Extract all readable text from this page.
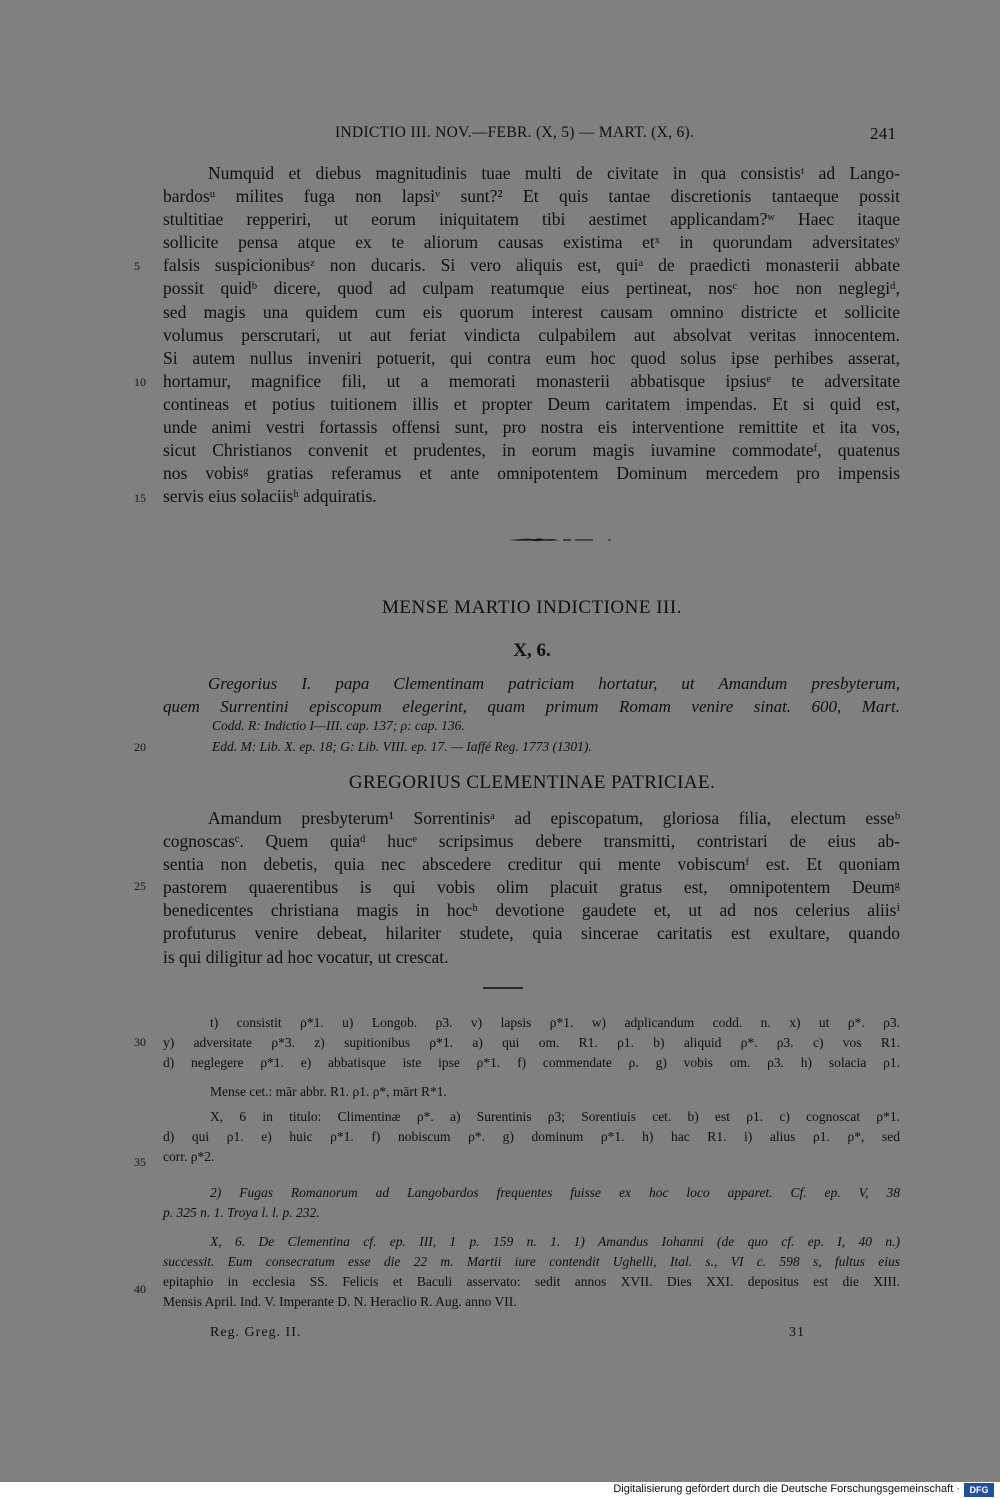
INDICTIO III. NOV.—FEBR. (X, 5) — MART. (X, 6).	241
Numquid et diebus magnitudinis tuae multi de civitate in qua consistisᵗ ad Lango-
bardosᵘ milites fuga non lapsiᵛ sunt?² Et quis tantae discretionis tantaeque possit
stultitiae repperiri, ut eorum iniquitatem tibi aestimet applicandam?ʷ Haec itaque
sollicite pensa atque ex te aliorum causas existima etˣ in quorundam adversitatesʸ
falsis suspicionibusᶻ non ducaris. Si vero aliquis est, quiᵃ de praedicti monasterii abbate
possit quidᵇ dicere, quod ad culpam reatumque eius pertineat, nosᶜ hoc non neglegiᵈ,
sed magis una quidem cum eis quorum interest causam omnino districte et sollicite
volumus perscrutari, ut aut feriat vindicta culpabilem aut absolvat veritas innocentem.
Si autem nullus inveniri potuerit, qui contra eum hoc quod solus ipse perhibes asserat,
hortamur, magnifice fili, ut a memorati monasterii abbatisque ipsiusᵉ te adversitate
contineas et potius tuitionem illis et propter Deum caritatem impendas. Et si quid est,
unde animi vestri fortassis offensi sunt, pro nostra eis interventione remittite et ita vos,
sicut Christianos convenit et prudentes, in eorum magis iuvamine commodateᶠ, quatenus
nos vobisᵍ gratias referamus et ante omnipotentem Dominum mercedem pro impensis
servis eius solaciisʰ adquiratis.
5
10
15
20
25
30
35
40
MENSE MARTIO INDICTIONE III.
X, 6.
Gregorius I. papa Clementinam patriciam hortatur, ut Amandum presbyterum,
quem Surrentini episcopum elegerint, quam primum Romam venire sinat. 600, Mart.
Codd. R: Indictio I—III. cap. 137; ρ: cap. 136.
Edd. M: Lib. X. ep. 18; G: Lib. VIII. ep. 17. — Iaffé Reg. 1773 (1301).
GREGORIUS CLEMENTINAE PATRICIAE.
Amandum presbyterum¹ Sorrentinisᵃ ad episcopatum, gloriosa filia, electum esseᵇ
cognoscasᶜ. Quem quiaᵈ hucᵉ scripsimus debere transmitti, contristari de eius ab-
sentia non debetis, quia nec abscedere creditur qui mente vobiscumᶠ est. Et quoniam
pastorem quaerentibus is qui vobis olim placuit gratus est, omnipotentem Deumᵍ
benedicentes christiana magis in hocʰ devotione gaudete et, ut ad nos celerius aliisⁱ
profuturus venire debeat, hilariter studete, quia sincerae caritatis est exultare, quando
is qui diligitur ad hoc vocatur, ut crescat.
t) consistit ρ*1. u) Longob. ρ3. v) lapsis ρ*1. w) adplicandum codd. n. x) ut ρ*. ρ3.
y) adversitate ρ*3. z) supitionibus ρ*1. a) qui om. R1. ρ1. b) aliquid ρ*. ρ3. c) vos R1.
d) neglegere ρ*1. e) abbatisque iste ipse ρ*1. f) commendate ρ. g) vobis om. ρ3. h) solacia ρ1.
Mense cet.: mār abbr. R1. ρ1. ρ*, mārt R*1.
X, 6 in titulo: Climentinæ ρ*. a) Surentinis ρ3; Sorentiuis cet. b) est ρ1. c) cognoscat ρ*1.
d) qui ρ1. e) huic ρ*1. f) nobiscum ρ*. g) dominum ρ*1. h) hac R1. i) alius ρ1. ρ*, sed
corr. ρ*2.
2) Fugas Romanorum ad Langobardos frequentes fuisse ex hoc loco apparet. Cf. ep. V, 38
p. 325 n. 1. Troya l. l. p. 232.
X, 6. De Clementina cf. ep. III, 1 p. 159 n. 1. 1) Amandus Iohanni (de quo cf. ep. I, 40 n.)
successit. Eum consecratum esse die 22 m. Martii iure contendit Ughelli, Ital. s., VI c. 598 s, fultus eius
epitaphio in ecclesia SS. Felicis et Baculi asservato: sedit annos XVII. Dies XXI. depositus est die XIII.
Mensis April. Ind. V. Imperante D. N. Heraclio R. Aug. anno VII.
Reg. Greg. II.	31
Digitalisierung gefördert durch die Deutsche Forschungsgemeinschaft ·	DFG
